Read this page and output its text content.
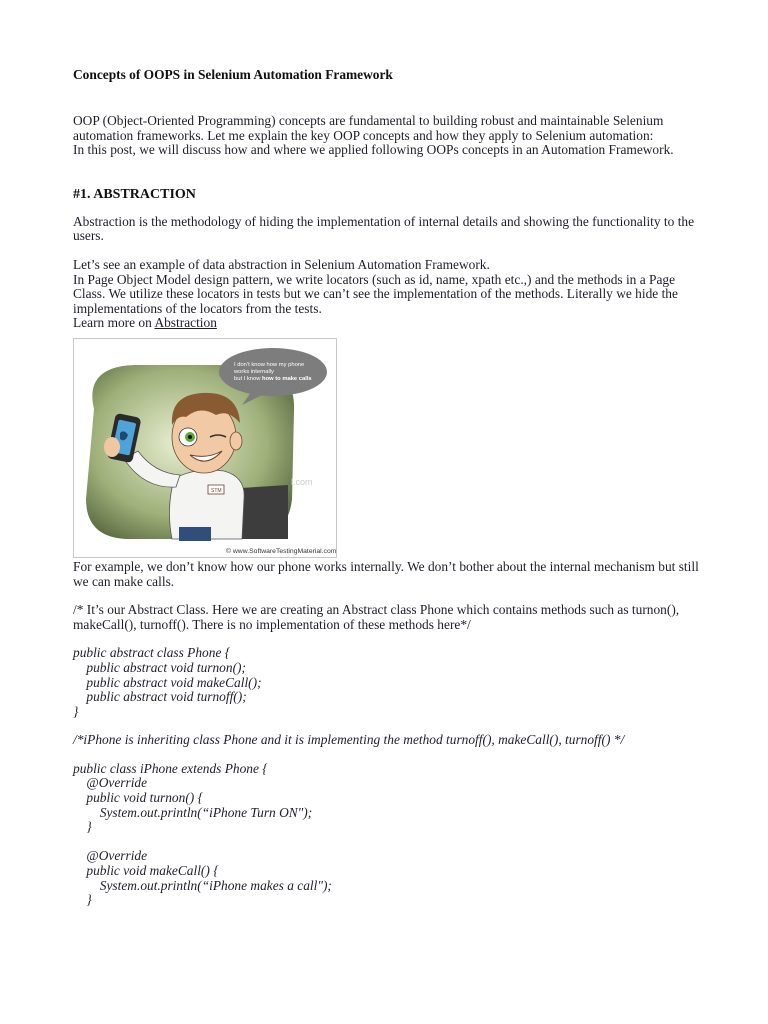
Concepts of OOPS in Selenium Automation Framework

OOP (Object-Oriented Programming) concepts are fundamental to building robust and maintainable Selenium automation frameworks. Let me explain the key OOP concepts and how they apply to Selenium automation:

In this post, we will discuss how and where we applied following OOPs concepts in an Automation Framework.

#1. ABSTRACTION

Abstraction is the methodology of hiding the implementation of internal details and showing the functionality to the users.

Let’s see an example of data abstraction in Selenium Automation Framework.

In Page Object Model design pattern, we write locators (such as id, name, xpath etc.,) and the methods in a Page Class. We utilize these locators in tests but we can’t see the implementation of the methods. Literally we hide the implementations of the locators from the tests.

Learn more on Abstraction

I don’t know how my phone
works internally
but I know how to make calls
STM
l.com
© www.SoftwareTestingMaterial.com

For example, we don’t know how our phone works internally. We don’t bother about the internal mechanism but still we can make calls.

/* It’s our Abstract Class. Here we are creating an Abstract class Phone which contains methods such as turnon(), makeCall(), turnoff(). There is no implementation of these methods here*/

public abstract class Phone {
public abstract void turnon();
public abstract void makeCall();
public abstract void turnoff();
}

/*iPhone is inheriting class Phone and it is implementing the method turnoff(), makeCall(), turnoff() */

public class iPhone extends Phone {
@Override
public void turnon() {
System.out.println(“iPhone Turn ON");
}

@Override
public void makeCall() {
System.out.println(“iPhone makes a call");
}
